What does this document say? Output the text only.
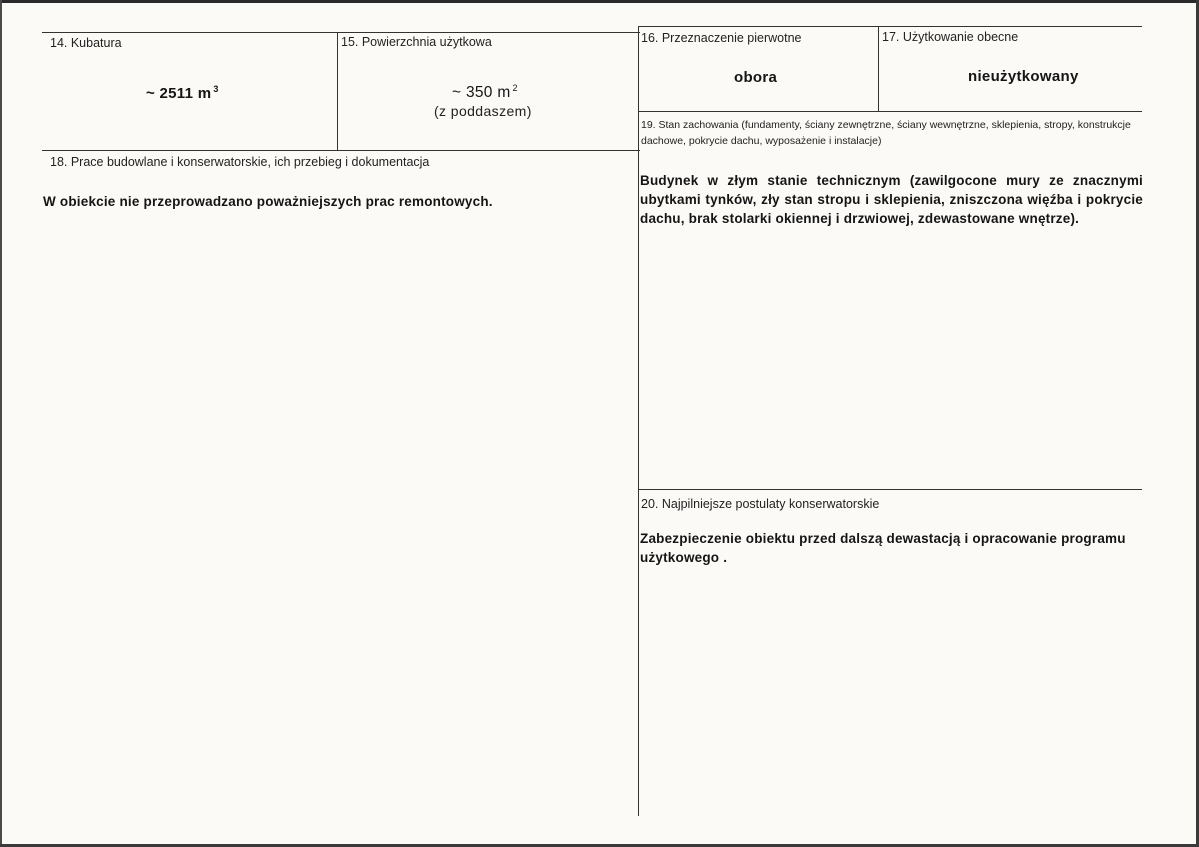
14. Kubatura
~ 2511 m $^3$
15. Powierzchnia użytkowa
~ 350 m $^2$
(z poddaszem)
16. Przeznaczenie pierwotne
obora
17. Użytkowanie obecne
nieużytkowany
18. Prace budowlane i konserwatorskie, ich przebieg i dokumentacja
W obiekcie nie przeprowadzano poważniejszych prac remontowych.
19. Stan zachowania (fundamenty, ściany zewnętrzne, ściany wewnętrzne, sklepienia, stropy, konstrukcje dachowe, pokrycie dachu, wyposażenie i instalacje)
Budynek w złym stanie technicznym (zawilgocone mury ze znacznymi ubytkami tynków, zły stan stropu i sklepienia, zniszczona więźba i pokrycie dachu, brak stolarki okiennej i drzwiowej, zdewastowane wnętrze).
20. Najpilniejsze postulaty konserwatorskie
Zabezpieczenie obiektu przed dalszą dewastacją i opracowanie programu użytkowego .
